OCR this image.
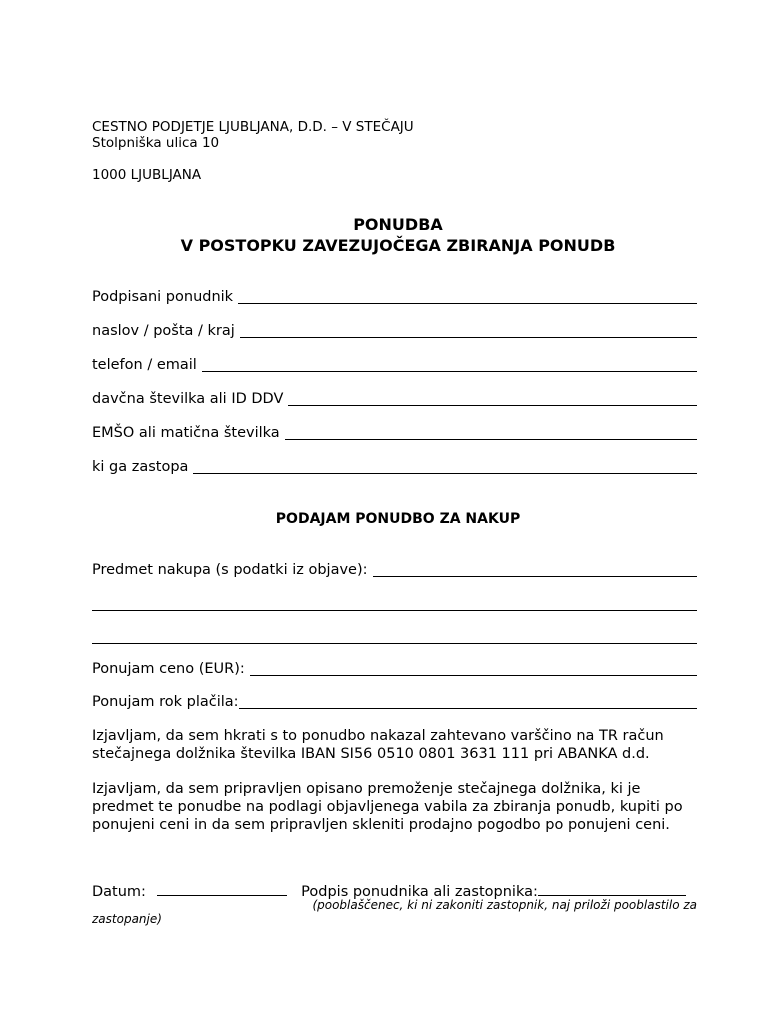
CESTNO PODJETJE LJUBLJANA, D.D. – V STEČAJU
Stolpniška ulica 10
1000 LJUBLJANA
PONUDBA
V POSTOPKU ZAVEZUJOČEGA ZBIRANJA PONUDB
Podpisani ponudnik
naslov / pošta / kraj
telefon / email
davčna številka ali ID DDV
EMŠO ali matična številka
ki ga zastopa
PODAJAM PONUDBO ZA NAKUP
Predmet nakupa (s podatki iz objave):
Ponujam ceno (EUR):
Ponujam rok plačila:
Izjavljam, da sem hkrati s to ponudbo nakazal zahtevano varščino na TR račun stečajnega dolžnika številka IBAN SI56 0510 0801 3631 111 pri ABANKA d.d.
Izjavljam, da sem pripravljen opisano premoženje stečajnega dolžnika, ki je predmet te ponudbe na podlagi objavljenega vabila za zbiranja ponudb, kupiti po ponujeni ceni in da sem pripravljen skleniti prodajno pogodbo po ponujeni ceni.
Datum:	Podpis ponudnika ali zastopnika:
(pooblaščenec, ki ni zakoniti zastopnik, naj priloži pooblastilo za
zastopanje)
